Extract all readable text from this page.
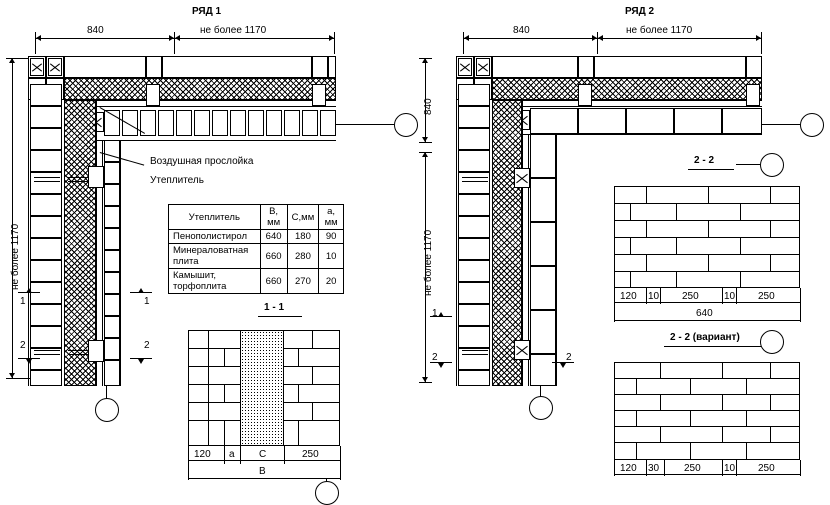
РЯД 1	РЯД 2
840	не более 1170
не более 1170
Воздушная прослойка
Утеплитель
1	1
2	2
Утеплитель	В, мм	С,мм	а, мм
Пенополистирол	640	180	90
Минераловатная плита	660	280	10
Камышит, торфоплита	660	270	20
1 - 1
120 a C	250
B
840	не более 1170
840
не более 1170
1
2	2
2 - 2
120 10 250	10 250
640
2 - 2 (вариант)
120 30 250 10 250
